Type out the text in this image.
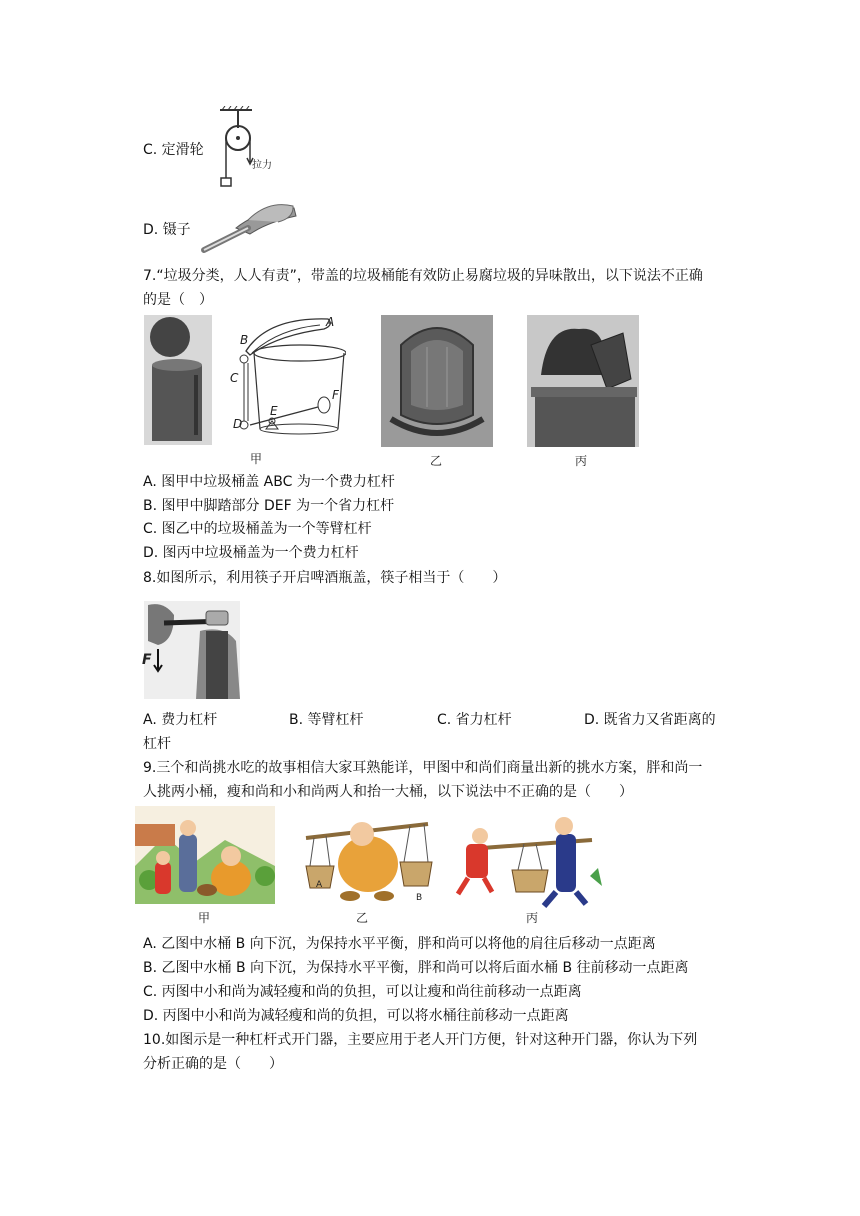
C. 定滑轮
拉力
D. 镊子
7.“垃圾分类，人人有责”，带盖的垃圾桶能有效防止易腐垃圾的异味散出，以下说法不正确
的是（　）
A
B
C
F
E
D
甲	乙	丙
A. 图甲中垃圾桶盖 ABC 为一个费力杠杆
B. 图甲中脚踏部分 DEF 为一个省力杠杆
C. 图乙中的垃圾桶盖为一个等臂杠杆
D. 图丙中垃圾桶盖为一个费力杠杆
8.如图所示，利用筷子开启啤酒瓶盖，筷子相当于（　　）
F
A. 费力杠杆	B. 等臂杠杆	C. 省力杠杆	D. 既省力又省距离的
杠杆
9.三个和尚挑水吃的故事相信大家耳熟能详，甲图中和尚们商量出新的挑水方案，胖和尚一
人挑两小桶，瘦和尚和小和尚两人和抬一大桶，以下说法中不正确的是（　　）
甲
A
B
乙	丙
A. 乙图中水桶 B 向下沉，为保持水平平衡，胖和尚可以将他的肩往后移动一点距离
B. 乙图中水桶 B 向下沉，为保持水平平衡，胖和尚可以将后面水桶 B 往前移动一点距离
C. 丙图中小和尚为减轻瘦和尚的负担，可以让瘦和尚往前移动一点距离
D. 丙图中小和尚为减轻瘦和尚的负担，可以将水桶往前移动一点距离
10.如图示是一种杠杆式开门器，主要应用于老人开门方便，针对这种开门器，你认为下列
分析正确的是（　　）
